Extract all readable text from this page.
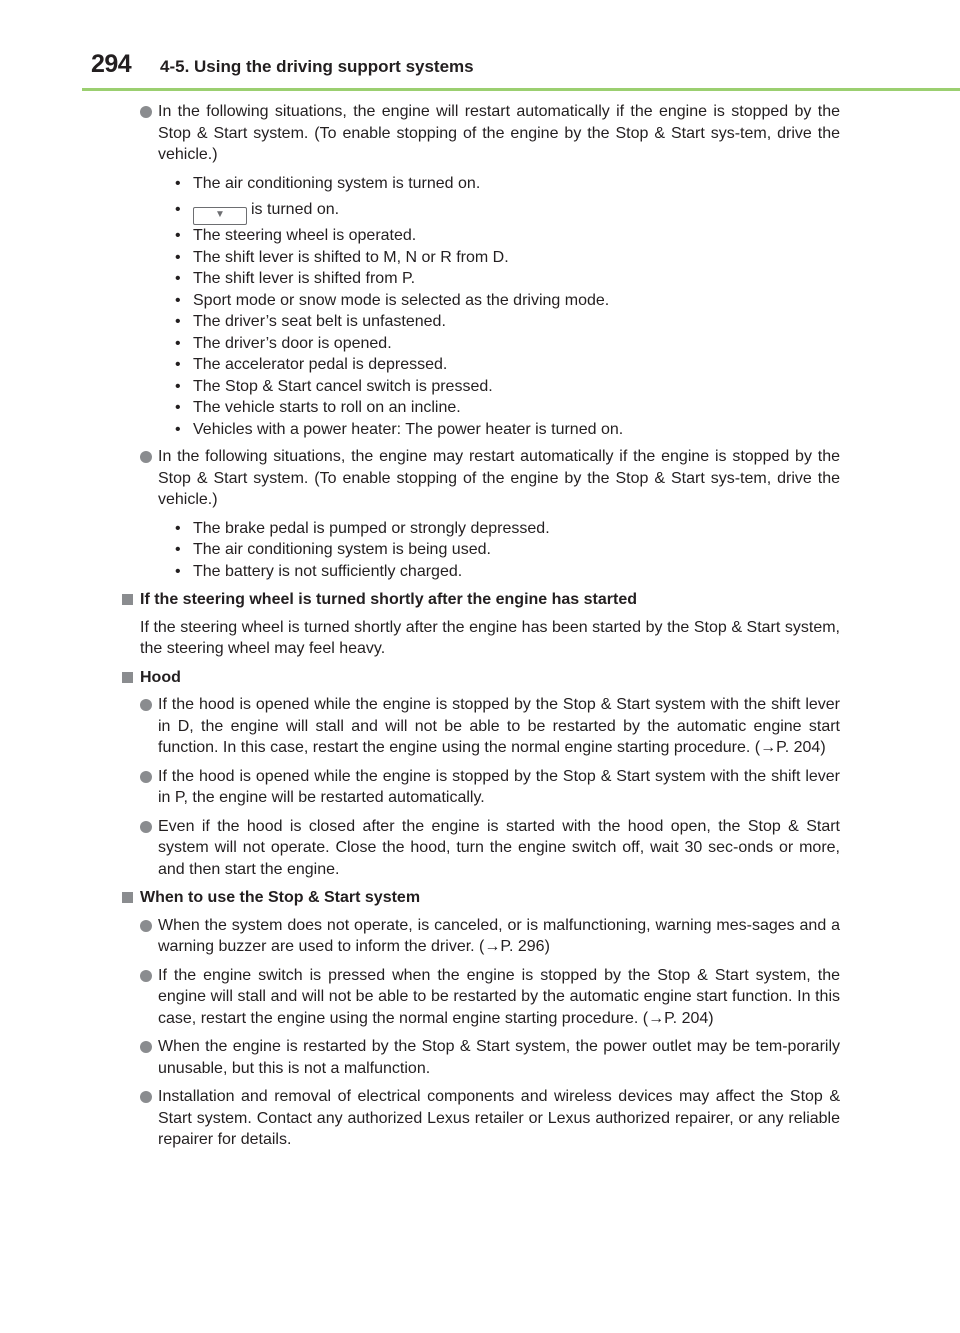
294 4-5. Using the driving support systems
In the following situations, the engine will restart automatically if the engine is stopped by the Stop & Start system. (To enable stopping of the engine by the Stop & Start sys-tem, drive the vehicle.)
• The air conditioning system is turned on.
• ▼ is turned on.
• The steering wheel is operated.
• The shift lever is shifted to M, N or R from D.
• The shift lever is shifted from P.
• Sport mode or snow mode is selected as the driving mode.
• The driver’s seat belt is unfastened.
• The driver’s door is opened.
• The accelerator pedal is depressed.
• The Stop & Start cancel switch is pressed.
• The vehicle starts to roll on an incline.
• Vehicles with a power heater: The power heater is turned on.
In the following situations, the engine may restart automatically if the engine is stopped by the Stop & Start system. (To enable stopping of the engine by the Stop & Start sys-tem, drive the vehicle.)
• The brake pedal is pumped or strongly depressed.
• The air conditioning system is being used.
• The battery is not sufficiently charged.
If the steering wheel is turned shortly after the engine has started
If the steering wheel is turned shortly after the engine has been started by the Stop & Start system, the steering wheel may feel heavy.
Hood
If the hood is opened while the engine is stopped by the Stop & Start system with the shift lever in D, the engine will stall and will not be able to be restarted by the automatic engine start function. In this case, restart the engine using the normal engine starting procedure. (→P. 204)
If the hood is opened while the engine is stopped by the Stop & Start system with the shift lever in P, the engine will be restarted automatically.
Even if the hood is closed after the engine is started with the hood open, the Stop & Start system will not operate. Close the hood, turn the engine switch off, wait 30 sec-onds or more, and then start the engine.
When to use the Stop & Start system
When the system does not operate, is canceled, or is malfunctioning, warning mes-sages and a warning buzzer are used to inform the driver. (→P. 296)
If the engine switch is pressed when the engine is stopped by the Stop & Start system, the engine will stall and will not be able to be restarted by the automatic engine start function. In this case, restart the engine using the normal engine starting procedure. (→P. 204)
When the engine is restarted by the Stop & Start system, the power outlet may be tem-porarily unusable, but this is not a malfunction.
Installation and removal of electrical components and wireless devices may affect the Stop & Start system. Contact any authorized Lexus retailer or Lexus authorized repairer, or any reliable repairer for details.
